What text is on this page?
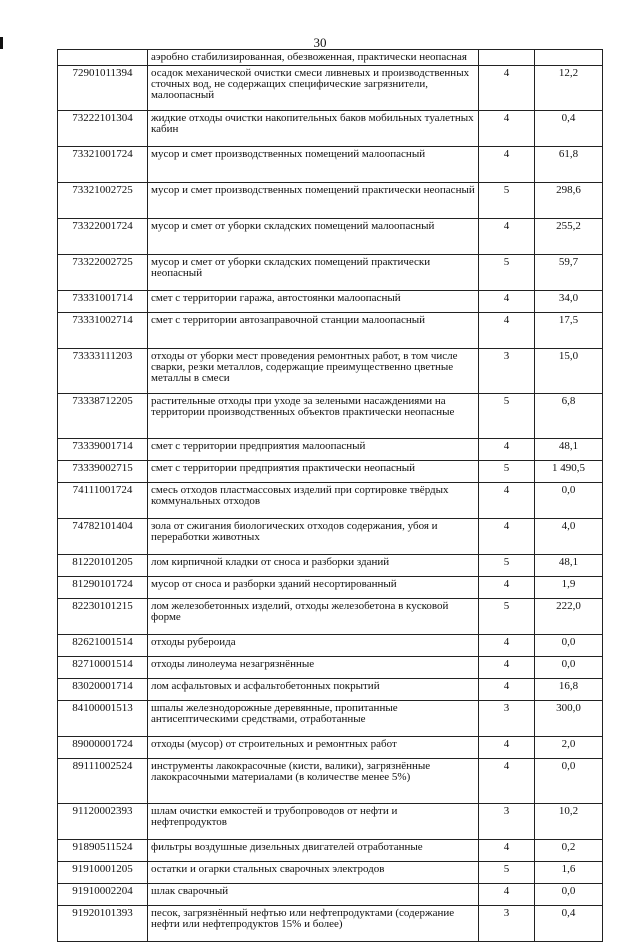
30
	аэробно стабилизированная, обезвоженная, практически неопасная		
72901011394	осадок механической очистки смеси ливневых и производственных сточных вод, не содержащих специфические загрязнители, малоопасный	4	12,2
73222101304	жидкие отходы очистки накопительных баков мобильных туалетных кабин	4	0,4
73321001724	мусор и смет производственных помещений малоопасный	4	61,8
73321002725	мусор и смет производственных помещений практически неопасный	5	298,6
73322001724	мусор и смет от уборки складских помещений малоопасный	4	255,2
73322002725	мусор и смет от уборки складских помещений практически неопасный	5	59,7
73331001714	смет с территории гаража, автостоянки малоопасный	4	34,0
73331002714	смет с территории автозаправочной станции малоопасный	4	17,5
73333111203	отходы от уборки мест проведения ремонтных работ, в том числе сварки, резки металлов, содержащие преимущественно цветные металлы в смеси	3	15,0
73338712205	растительные отходы при уходе за зелеными насаждениями на территории производственных объектов практически неопасные	5	6,8
73339001714	смет с территории предприятия малоопасный	4	48,1
73339002715	смет с территории предприятия практически неопасный	5	1 490,5
74111001724	смесь отходов пластмассовых изделий при сортировке твёрдых коммунальных отходов	4	0,0
74782101404	зола от сжигания биологических отходов содержания, убоя и переработки животных	4	4,0
81220101205	лом кирпичной кладки от сноса и разборки зданий	5	48,1
81290101724	мусор от сноса и разборки зданий несортированный	4	1,9
82230101215	лом железобетонных изделий, отходы железобетона в кусковой форме	5	222,0
82621001514	отходы рубероида	4	0,0
82710001514	отходы линолеума незагрязнённые	4	0,0
83020001714	лом асфальтовых и асфальтобетонных покрытий	4	16,8
84100001513	шпалы железнодорожные деревянные, пропитанные антисептическими средствами, отработанные	3	300,0
89000001724	отходы (мусор) от строительных и ремонтных работ	4	2,0
89111002524	инструменты лакокрасочные (кисти, валики), загрязнённые лакокрасочными материалами (в количестве менее 5%)	4	0,0
91120002393	шлам очистки емкостей и трубопроводов от нефти и нефтепродуктов	3	10,2
91890511524	фильтры воздушные дизельных двигателей отработанные	4	0,2
91910001205	остатки и огарки стальных сварочных электродов	5	1,6
91910002204	шлак сварочный	4	0,0
91920101393	песок, загрязнённый нефтью или нефтепродуктами (содержание нефти или нефтепродуктов 15% и более)	3	0,4
